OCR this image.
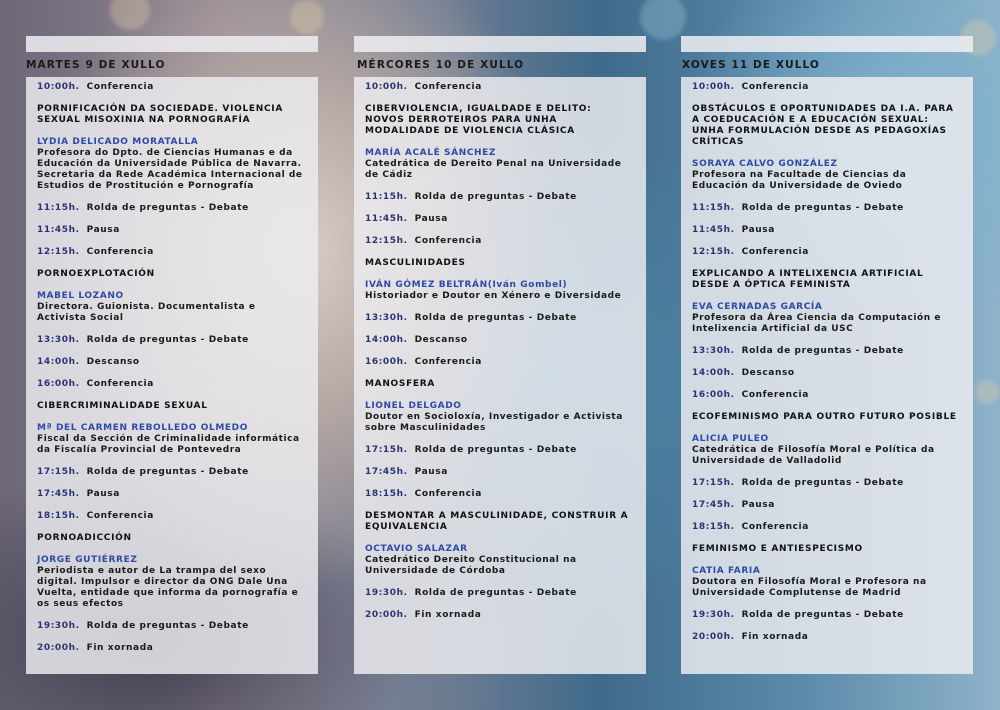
MARTES 9 DE XULLO	MÉRCORES 10 DE XULLO	XOVES 11 DE XULLO
10:00h. Conferencia
PORNIFICACIÓN DA SOCIEDADE. VIOLENCIA SEXUAL MISOXINIA NA PORNOGRAFÍA
LYDIA DELICADO MORATALLA
Profesora do Dpto. de Ciencias Humanas e da Educación da Universidade Pública de Navarra. Secretaria da Rede Académica Internacional de Estudios de Prostitución e Pornografía
11:15h. Rolda de preguntas - Debate
11:45h. Pausa
12:15h. Conferencia
PORNOEXPLOTACIÓN
MABEL LOZANO
Directora. Guionista. Documentalista e Activista Social
13:30h. Rolda de preguntas - Debate
14:00h. Descanso
16:00h. Conferencia
CIBERCRIMINALIDADE SEXUAL
Mª DEL CARMEN REBOLLEDO OLMEDO
Fiscal da Sección de Criminalidade informática da Fiscalía Provincial de Pontevedra
17:15h. Rolda de preguntas - Debate
17:45h. Pausa
18:15h. Conferencia
PORNOADICCIÓN
JORGE GUTIÉRREZ
Periodista e autor de La trampa del sexo digital. Impulsor e director da ONG Dale Una Vuelta, entidade que informa da pornografía e os seus efectos
19:30h. Rolda de preguntas - Debate
20:00h. Fin xornada
10:00h. Conferencia
CIBERVIOLENCIA, IGUALDADE E DELITO: NOVOS DERROTEIROS PARA UNHA MODALIDADE DE VIOLENCIA CLÁSICA
MARÍA ACALÉ SÁNCHEZ
Catedrática de Dereito Penal na Universidade de Cádiz
11:15h. Rolda de preguntas - Debate
11:45h. Pausa
12:15h. Conferencia
MASCULINIDADES
IVÁN GÓMEZ BELTRÁN(Iván Gombel)
Historiador e Doutor en Xénero e Diversidade
13:30h. Rolda de preguntas - Debate
14:00h. Descanso
16:00h. Conferencia
MANOSFERA
LIONEL DELGADO
Doutor en Socioloxía, Investigador e Activista sobre Masculinidades
17:15h. Rolda de preguntas - Debate
17:45h. Pausa
18:15h. Conferencia
DESMONTAR A MASCULINIDADE, CONSTRUIR A EQUIVALENCIA
OCTAVIO SALAZAR
Catedrático Dereito Constitucional na Universidade de Córdoba
19:30h. Rolda de preguntas - Debate
20:00h. Fin xornada
10:00h. Conferencia
OBSTÁCULOS E OPORTUNIDADES DA I.A. PARA A COEDUCACIÓN E A EDUCACIÓN SEXUAL: UNHA FORMULACIÓN DESDE AS PEDAGOXÍAS CRÍTICAS
SORAYA CALVO GONZÁLEZ
Profesora na Facultade de Ciencias da Educación da Universidade de Oviedo
11:15h. Rolda de preguntas - Debate
11:45h. Pausa
12:15h. Conferencia
EXPLICANDO A INTELIXENCIA ARTIFICIAL DESDE A ÓPTICA FEMINISTA
EVA CERNADAS GARCÍA
Profesora da Área Ciencia da Computación e Intelixencia Artificial da USC
13:30h. Rolda de preguntas - Debate
14:00h. Descanso
16:00h. Conferencia
ECOFEMINISMO PARA OUTRO FUTURO POSIBLE
ALICIA PULEO
Catedrática de Filosofía Moral e Política da Universidade de Valladolid
17:15h. Rolda de preguntas - Debate
17:45h. Pausa
18:15h. Conferencia
FEMINISMO E ANTIESPECISMO
CATIA FARIA
Doutora en Filosofía Moral e Profesora na Universidade Complutense de Madrid
19:30h. Rolda de preguntas - Debate
20:00h. Fin xornada
